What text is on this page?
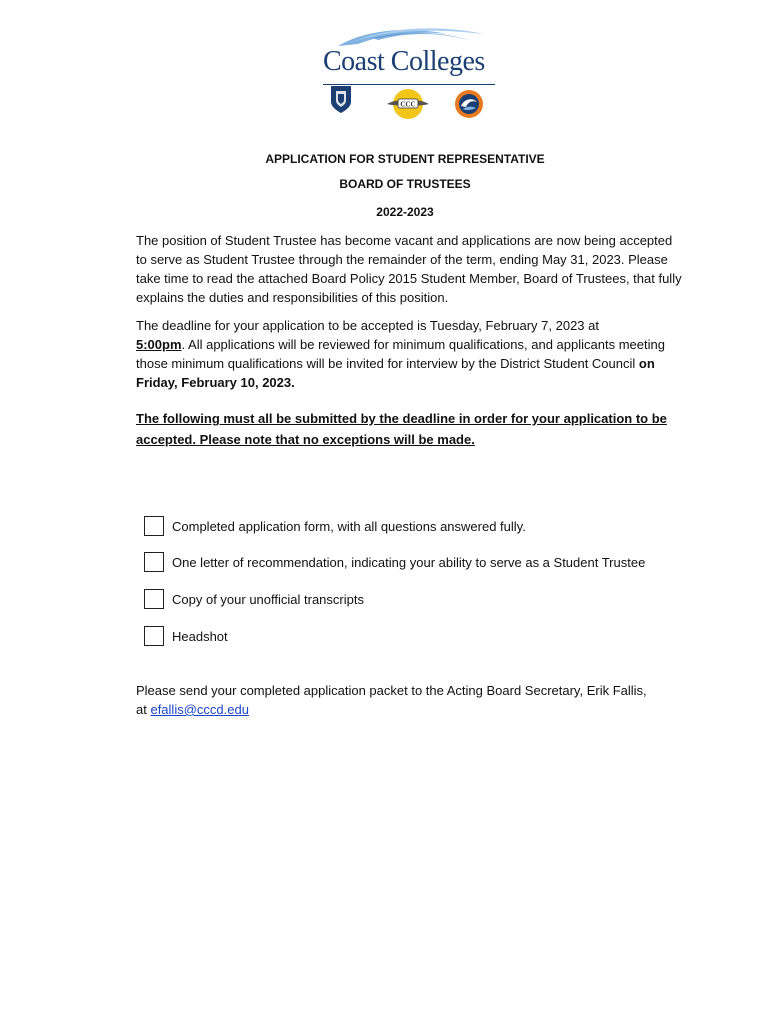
Coast Colleges
CCC
APPLICATION FOR STUDENT REPRESENTATIVE
BOARD OF TRUSTEES
2022-2023

The position of Student Trustee has become vacant and applications are now being accepted to serve as Student Trustee through the remainder of the term, ending May 31, 2023. Please take time to read the attached Board Policy 2015 Student Member, Board of Trustees, that fully explains the duties and responsibilities of this position.

The deadline for your application to be accepted is Tuesday, February 7, 2023 at
5:00pm. All applications will be reviewed for minimum qualifications, and applicants meeting those minimum qualifications will be invited for interview by the District Student Council on Friday, February 10, 2023.

The following must all be submitted by the deadline in order for your application to be accepted. Please note that no exceptions will be made.

Completed application form, with all questions answered fully.
One letter of recommendation, indicating your ability to serve as a Student Trustee
Copy of your unofficial transcripts
Headshot

Please send your completed application packet to the Acting Board Secretary, Erik Fallis, at efallis@cccd.edu
